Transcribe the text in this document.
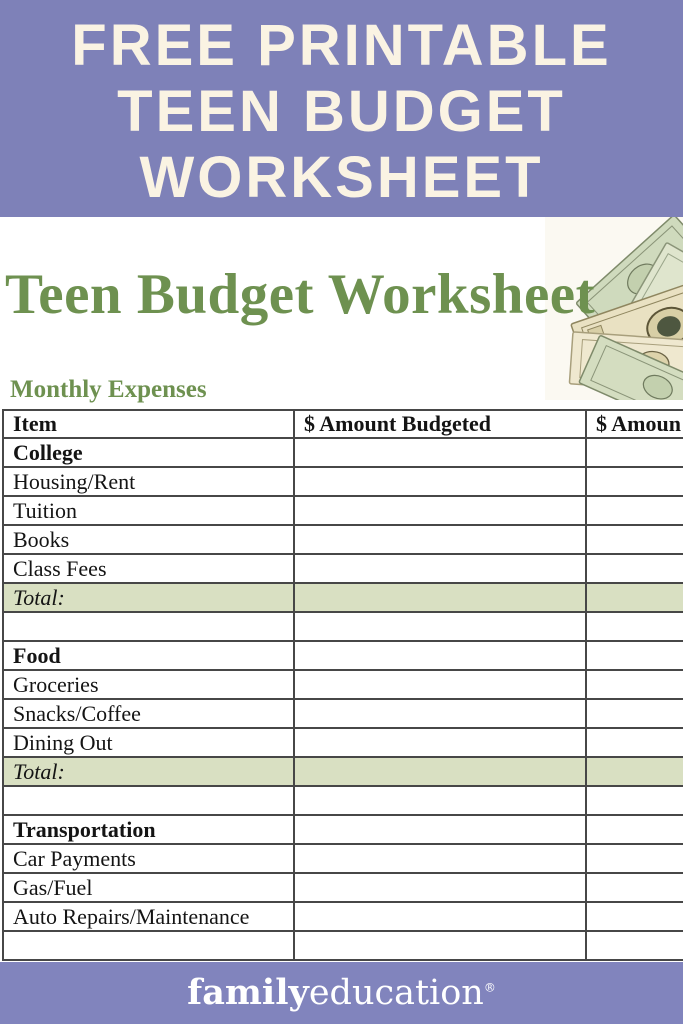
FREE PRINTABLE
TEEN BUDGET
WORKSHEET
Teen Budget Worksheet
Monthly Expenses
Item	$ Amount Budgeted	$ Amoun
College		
Housing/Rent		
Tuition		
Books		
Class Fees		
Total:		

Food		
Groceries		
Snacks/Coffee		
Dining Out		
Total:		

Transportation		
Car Payments		
Gas/Fuel		
Auto Repairs/Maintenance		

familyeducation®
